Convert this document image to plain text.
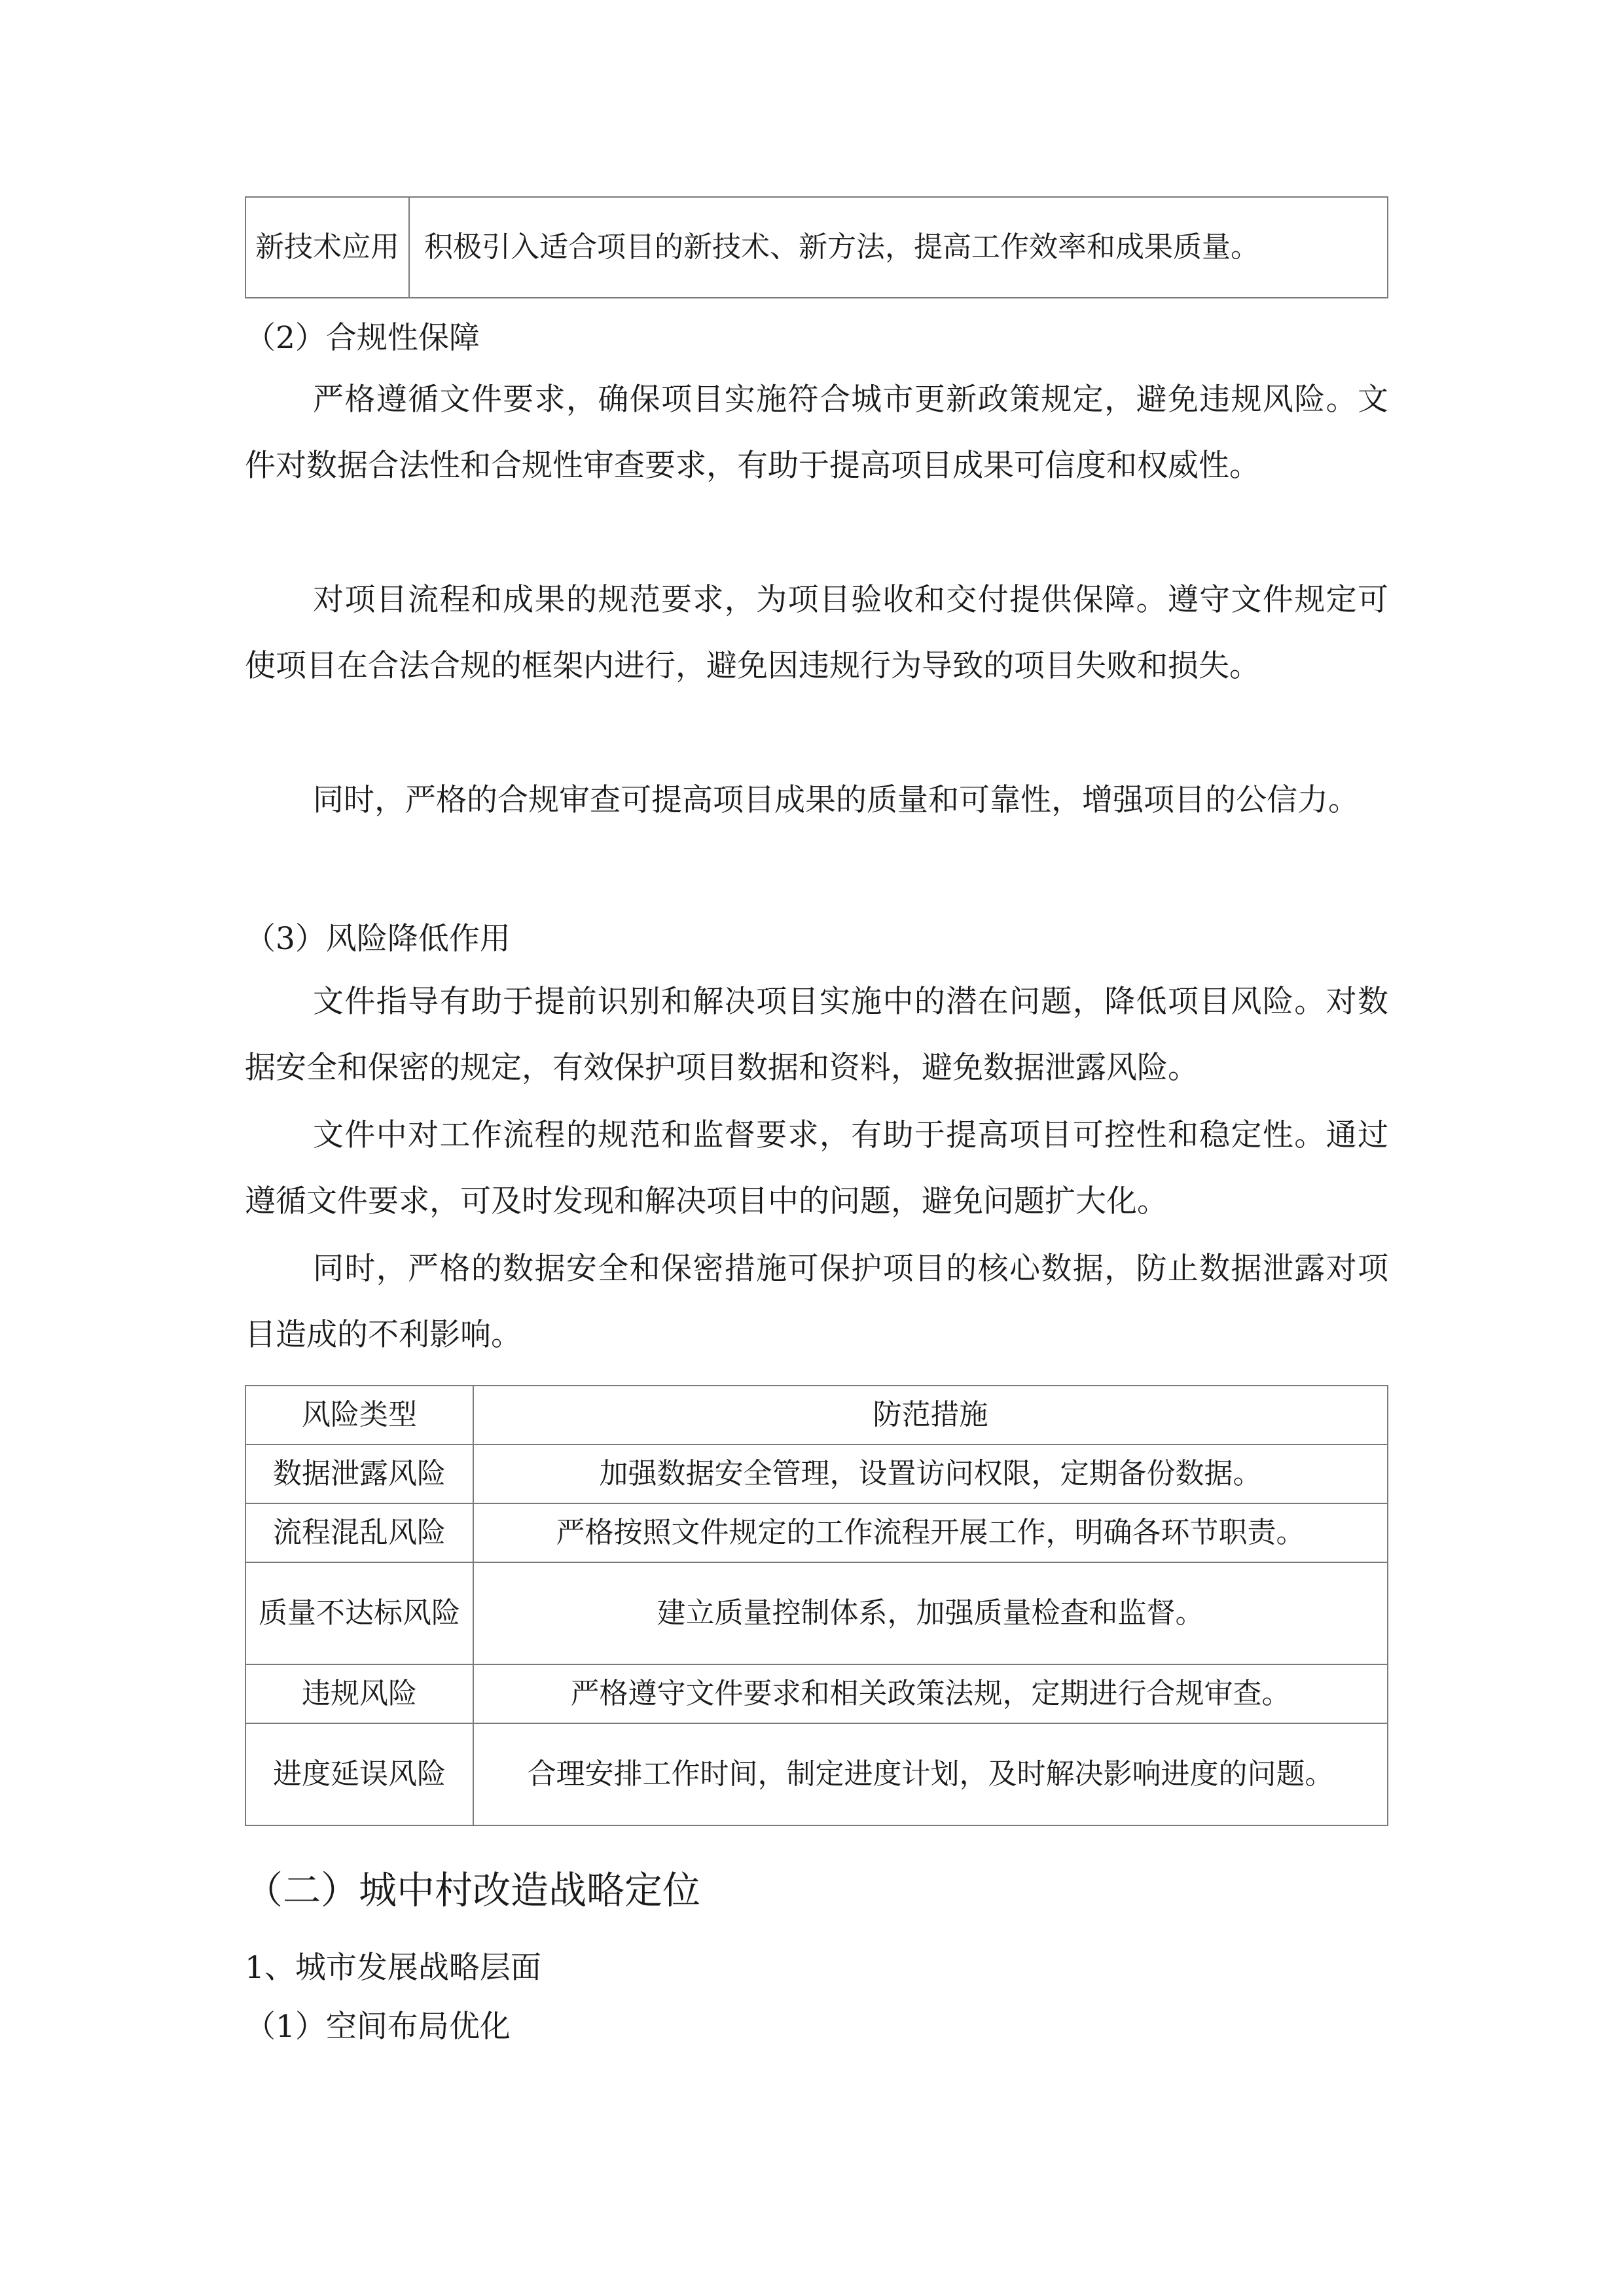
新技术应用	积极引入适合项目的新技术、新方法，提高工作效率和成果质量。

（2）合规性保障

严格遵循文件要求，确保项目实施符合城市更新政策规定，避免违规风险。文件对数据合法性和合规性审查要求，有助于提高项目成果可信度和权威性。

对项目流程和成果的规范要求，为项目验收和交付提供保障。遵守文件规定可使项目在合法合规的框架内进行，避免因违规行为导致的项目失败和损失。

同时，严格的合规审查可提高项目成果的质量和可靠性，增强项目的公信力。

（3）风险降低作用

文件指导有助于提前识别和解决项目实施中的潜在问题，降低项目风险。对数据安全和保密的规定，有效保护项目数据和资料，避免数据泄露风险。

文件中对工作流程的规范和监督要求，有助于提高项目可控性和稳定性。通过遵循文件要求，可及时发现和解决项目中的问题，避免问题扩大化。

同时，严格的数据安全和保密措施可保护项目的核心数据，防止数据泄露对项目造成的不利影响。

风险类型	防范措施
数据泄露风险	加强数据安全管理，设置访问权限，定期备份数据。
流程混乱风险	严格按照文件规定的工作流程开展工作，明确各环节职责。
质量不达标风险	建立质量控制体系，加强质量检查和监督。
违规风险	严格遵守文件要求和相关政策法规，定期进行合规审查。
进度延误风险	合理安排工作时间，制定进度计划，及时解决影响进度的问题。

（二）城中村改造战略定位

1、城市发展战略层面

（1）空间布局优化
